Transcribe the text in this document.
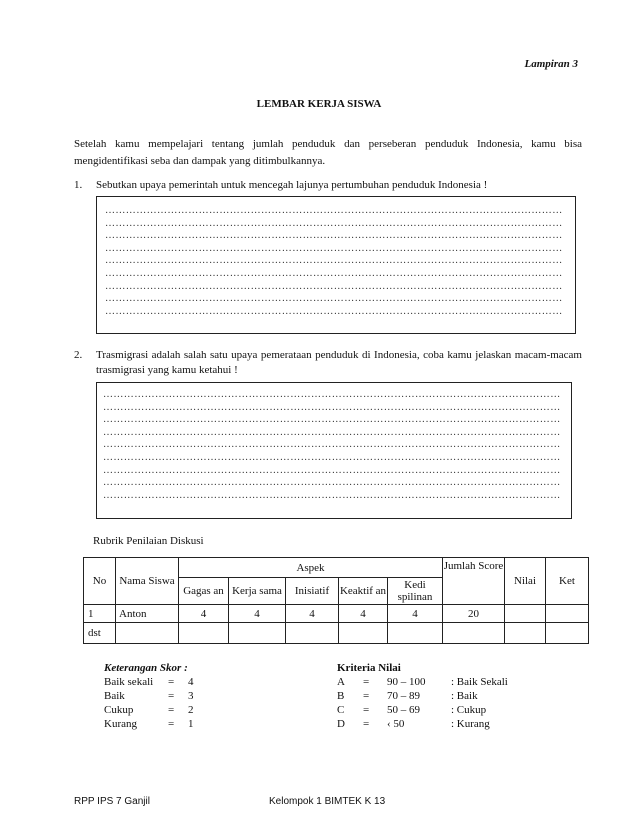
Lampiran 3
LEMBAR KERJA SISWA
Setelah kamu mempelajari tentang jumlah penduduk dan perseberan penduduk Indonesia, kamu bisa mengidentifikasi seba dan dampak yang ditimbulkannya.
1. Sebutkan upaya pemerintah untuk mencegah lajunya pertumbuhan penduduk Indonesia !
……………………………………………………………………………………………………………………
……………………………………………………………………………………………………………………
……………………………………………………………………………………………………………………
……………………………………………………………………………………………………………………
……………………………………………………………………………………………………………………
……………………………………………………………………………………………………………………
……………………………………………………………………………………………………………………
……………………………………………………………………………………………………………………
……………………………………………………………………………………………………………………
2. Trasmigrasi adalah salah satu upaya pemerataan penduduk di Indonesia, coba kamu jelaskan macam-macam trasmigrasi yang kamu ketahui !
……………………………………………………………………………………………………………………
……………………………………………………………………………………………………………………
……………………………………………………………………………………………………………………
……………………………………………………………………………………………………………………
……………………………………………………………………………………………………………………
……………………………………………………………………………………………………………………
……………………………………………………………………………………………………………………
……………………………………………………………………………………………………………………
……………………………………………………………………………………………………………………
Rubrik Penilaian Diskusi
No	Nama Siswa	Aspek					Jumlah Score	Nilai	Ket
		Gagas an	Kerja sama	Inisiatif	Keaktif an	Kedi spilinan			
1	Anton	4	4	4	4	4	20		
dst									
Keterangan Skor :
Baik sekali = 4
Baik	= 3
Cukup	= 2
Kurang	= 1
Kriteria Nilai
A = 90 – 100 : Baik Sekali
B = 70 – 89	: Baik
C = 50 – 69	: Cukup
D = ‹ 50	: Kurang
RPP IPS 7 Ganjil	Kelompok 1 BIMTEK K 13
